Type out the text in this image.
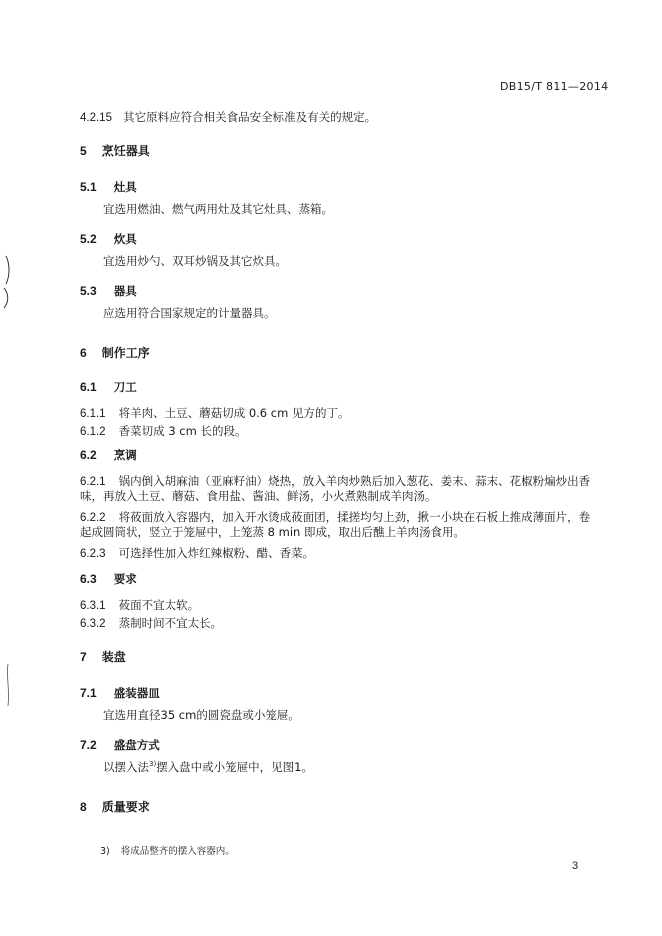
DB15/T 811—2014
4.2.15 其它原料应符合相关食品安全标准及有关的规定。
5 烹饪器具
5.1 灶具
宜选用燃油、燃气两用灶及其它灶具、蒸箱。
5.2 炊具
宜选用炒勺、双耳炒锅及其它炊具。
5.3 器具
应选用符合国家规定的计量器具。
6 制作工序
6.1 刀工
6.1.1 将羊肉、土豆、蘑菇切成 0.6 cm 见方的丁。
6.1.2 香菜切成 3 cm 长的段。
6.2 烹调
6.2.1 锅内倒入胡麻油（亚麻籽油）烧热，放入羊肉炒熟后加入葱花、姜末、蒜末、花椒粉煸炒出香
味，再放入土豆、蘑菇、食用盐、酱油、鲜汤，小火煮熟制成羊肉汤。
6.2.2 将莜面放入容器内，加入开水烫成莜面团，揉搓均匀上劲，揪一小块在石板上推成薄面片，卷
起成圆筒状，竖立于笼屉中，上笼蒸 8 min 即成，取出后醮上羊肉汤食用。
6.2.3 可选择性加入炸红辣椒粉、醋、香菜。
6.3 要求
6.3.1 莜面不宜太软。
6.3.2 蒸制时间不宜太长。
7 装盘
7.1 盛装器皿
宜选用直径35 cm的圆瓷盘或小笼屉。
7.2 盛盘方式
以摆入法$^{3)}$摆入盘中或小笼屉中，见图1。
8 质量要求
3) 将成品整齐的摆入容器内。
3
